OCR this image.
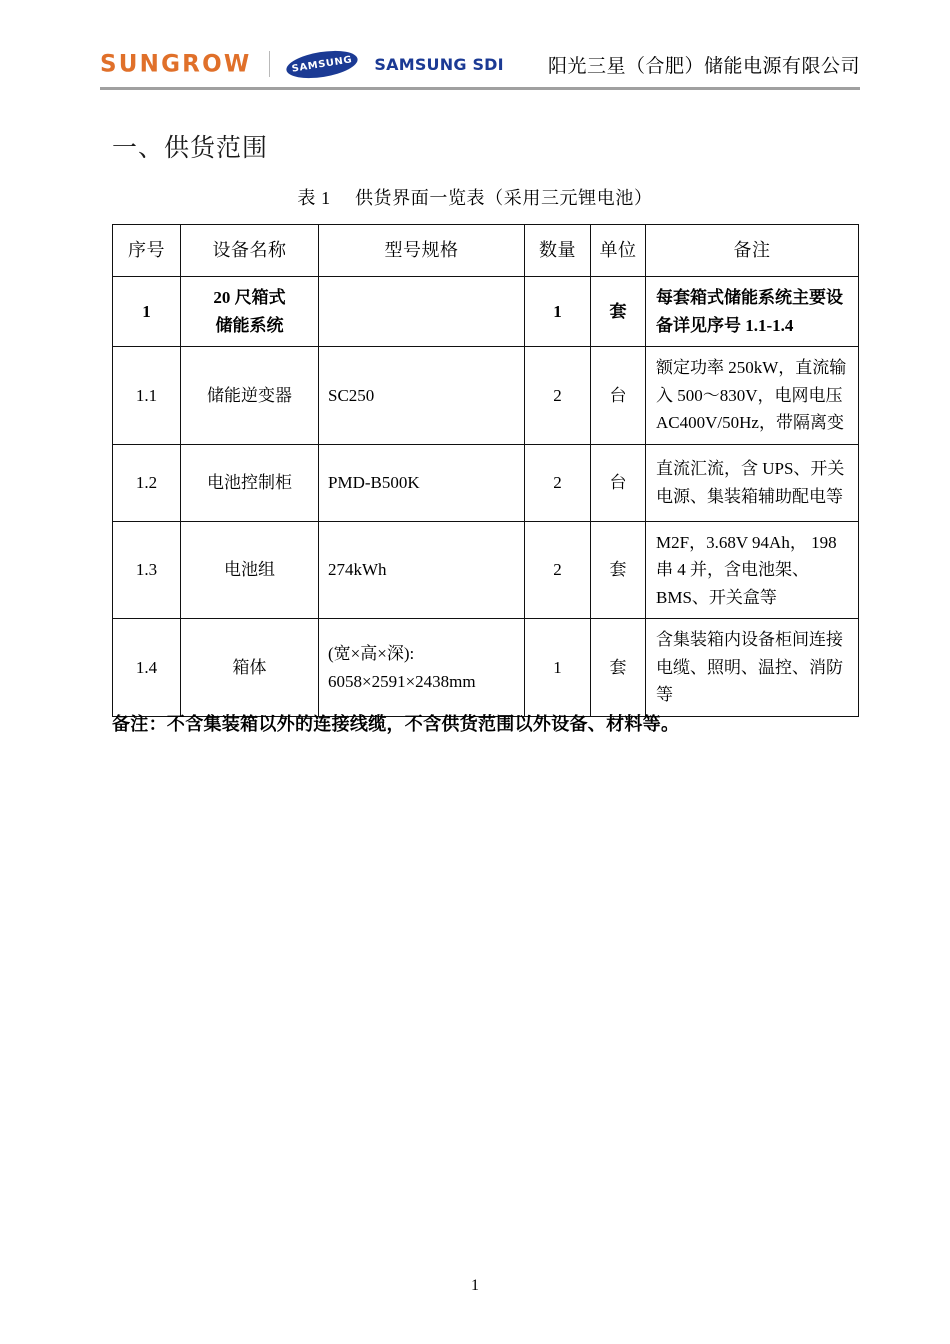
SUNGROW	SAMSUNG SAMSUNG SDI 阳光三星（合肥）储能电源有限公司
一、供货范围
表 1 供货界面一览表（采用三元锂电池）
序号	设备名称	型号规格	数量	单位	备注

1	20 尺箱式
储能系统		1	套	每套箱式储能系统主要设备详见序号 1.1-1.4

1.1	储能逆变器	SC250	2	台	额定功率 250kW，直流输入 500～830V，电网电压 AC400V/50Hz，带隔离变

1.2	电池控制柜	PMD-B500K	2	台	直流汇流，含 UPS、开关电源、集装箱辅助配电等

1.3	电池组	274kWh	2	套	M2F，3.68V 94Ah， 198 串 4 并，含电池架、BMS、开关盒等

1.4	箱体	(宽×高×深):
6058×2591×2438mm	1	套	含集装箱内设备柜间连接电缆、照明、温控、消防等
备注：不含集装箱以外的连接线缆，不含供货范围以外设备、材料等。
1
